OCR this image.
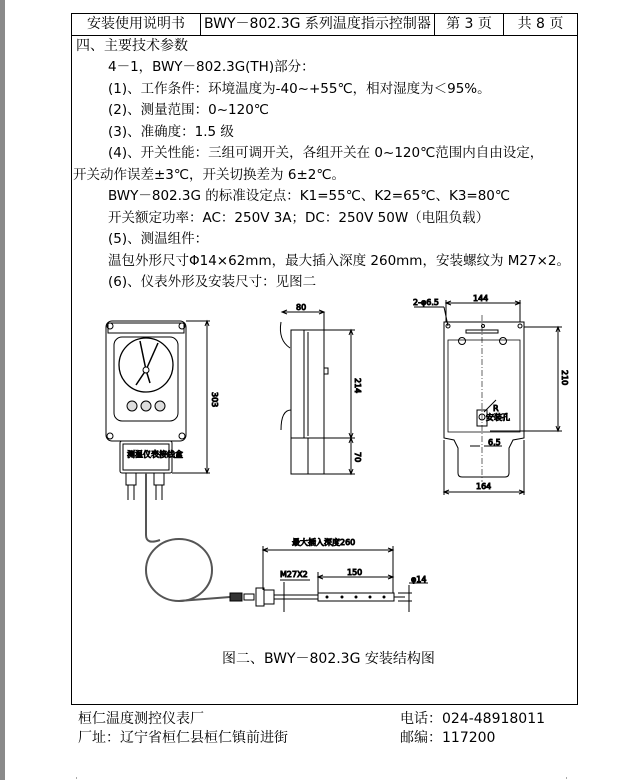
安装使用说明书	BWY－802.3G 系列温度指示控制器	第 3 页	共 8 页
四、主要技术参数
4－1，BWY－802.3G(TH)部分：
(1)、工作条件：环境温度为-40~+55℃，相对湿度为＜95%。
(2)、测量范围：0~120℃
(3)、准确度：1.5 级
(4)、开关性能：三组可调开关，各组开关在 0~120℃范围内自由设定，
开关动作误差±3℃，开关切换差为 6±2℃。
BWY－802.3G 的标准设定点：K1=55℃、K2=65℃、K3=80℃
开关额定功率：AC：250V 3A；DC：250V 50W（电阻负载）
(5)、测温组件：
温包外形尺寸Φ14×62mm，最大插入深度 260mm，安装螺纹为 M27×2。
(6)、仪表外形及安装尺寸：见图二
图二、BWY－802.3G 安装结构图
测温仪表接线盒
303
80
214
70
2-φ6.5	144
210
6.5
164
R
安装孔
最大插入深度260
M27X2	150
φ14
桓仁温度测控仪表厂
厂址：辽宁省桓仁县桓仁镇前进街
电话：024-48918011
邮编：117200
